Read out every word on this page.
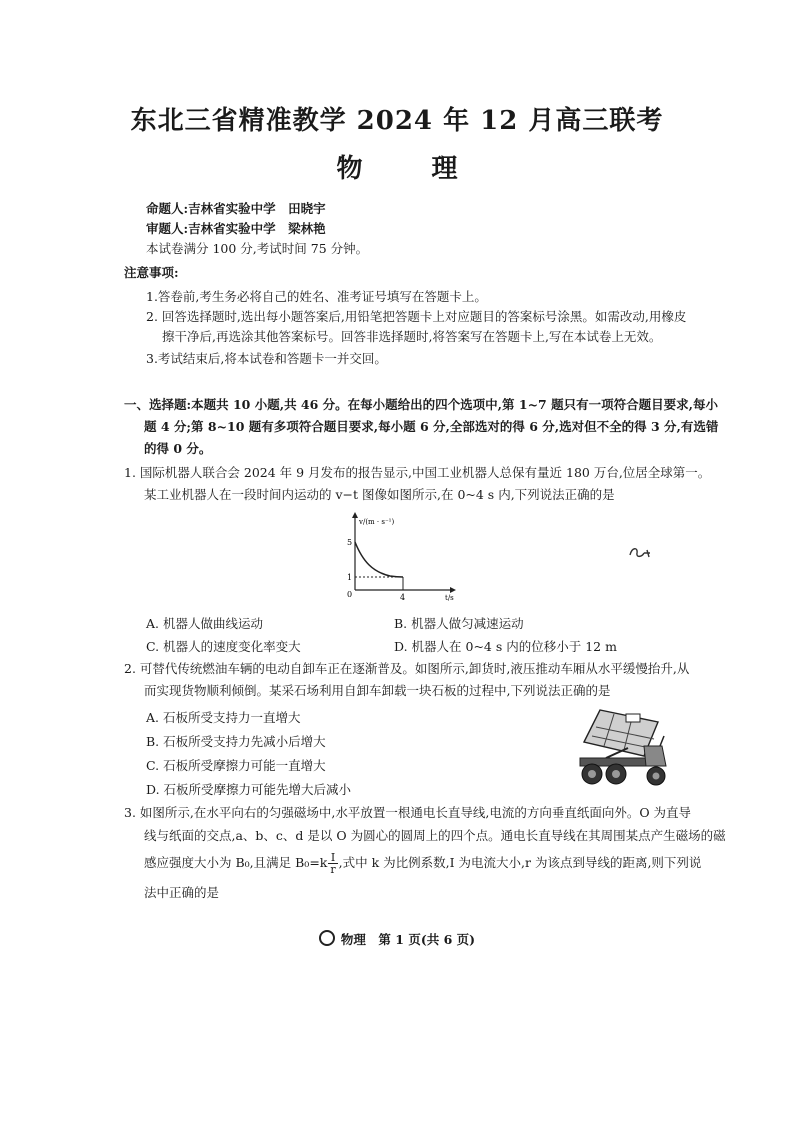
东北三省精准教学 2024 年 12 月高三联考
物 理
命题人:吉林省实验中学　田晓宇
审题人:吉林省实验中学　梁林艳
本试卷满分 100 分,考试时间 75 分钟。
注意事项:
1.答卷前,考生务必将自己的姓名、准考证号填写在答题卡上。
2. 回答选择题时,选出每小题答案后,用铅笔把答题卡上对应题目的答案标号涂黑。如需改动,用橡皮
擦干净后,再选涂其他答案标号。回答非选择题时,将答案写在答题卡上,写在本试卷上无效。
3.考试结束后,将本试卷和答题卡一并交回。
一、选择题:本题共 10 小题,共 46 分。在每小题给出的四个选项中,第 1~7 题只有一项符合题目要求,每小
题 4 分;第 8~10 题有多项符合题目要求,每小题 6 分,全部选对的得 6 分,选对但不全的得 3 分,有选错
的得 0 分。
1. 国际机器人联合会 2024 年 9 月发布的报告显示,中国工业机器人总保有量近 180 万台,位居全球第一。
某工业机器人在一段时间内运动的 v−t 图像如图所示,在 0~4 s 内,下列说法正确的是
v/(m · s⁻¹)
5
1
0	4	t/s
A. 机器人做曲线运动	B. 机器人做匀减速运动
C. 机器人的速度变化率变大	D. 机器人在 0~4 s 内的位移小于 12 m
2. 可替代传统燃油车辆的电动自卸车正在逐渐普及。如图所示,卸货时,液压推动车厢从水平缓慢抬升,从
而实现货物顺利倾倒。某采石场利用自卸车卸载一块石板的过程中,下列说法正确的是
A. 石板所受支持力一直增大
B. 石板所受支持力先减小后增大
C. 石板所受摩擦力可能一直增大
D. 石板所受摩擦力可能先增大后减小
3. 如图所示,在水平向右的匀强磁场中,水平放置一根通电长直导线,电流的方向垂直纸面向外。O 为直导
线与纸面的交点,a、b、c、d 是以 O 为圆心的圆周上的四个点。通电长直导线在其周围某点产生磁场的磁
感应强度大小为 B₀,且满足 $B_0=k \frac{I}{r}$ ,式中 k 为比例系数,I 为电流大小,r 为该点到导线的距离,则下列说
法中正确的是
物理　第 1 页(共 6 页)
